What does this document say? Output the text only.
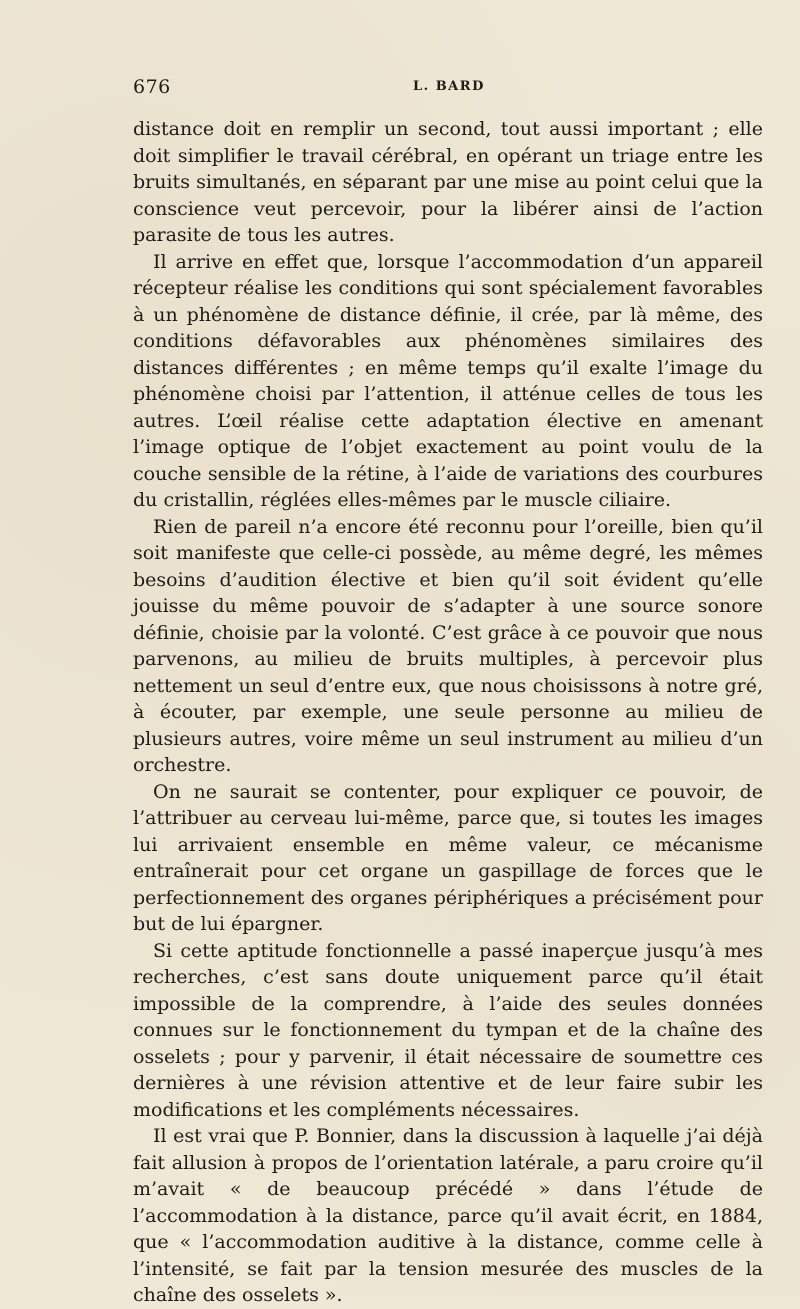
676	L. BARD

distance doit en remplir un second, tout aussi important ; elle doit simplifier le travail cérébral, en opérant un triage entre les bruits simultanés, en séparant par une mise au point celui que la conscience veut percevoir, pour la libérer ainsi de l’action parasite de tous les autres.

Il arrive en effet que, lorsque l’accommodation d’un appareil récepteur réalise les conditions qui sont spécialement favorables à un phénomène de distance définie, il crée, par là même, des conditions défavorables aux phénomènes similaires des distances différentes ; en même temps qu’il exalte l’image du phénomène choisi par l’attention, il atténue celles de tous les autres. L’œil réalise cette adaptation élective en amenant l’image optique de l’objet exactement au point voulu de la couche sensible de la rétine, à l’aide de variations des courbures du cristallin, réglées elles-mêmes par le muscle ciliaire.

Rien de pareil n’a encore été reconnu pour l’oreille, bien qu’il soit manifeste que celle-ci possède, au même degré, les mêmes besoins d’audition élective et bien qu’il soit évident qu’elle jouisse du même pouvoir de s’adapter à une source sonore définie, choisie par la volonté. C’est grâce à ce pouvoir que nous parvenons, au milieu de bruits multiples, à percevoir plus nettement un seul d’entre eux, que nous choisissons à notre gré, à écouter, par exemple, une seule personne au milieu de plusieurs autres, voire même un seul instrument au milieu d’un orchestre.

On ne saurait se contenter, pour expliquer ce pouvoir, de l’attribuer au cerveau lui-même, parce que, si toutes les images lui arrivaient ensemble en même valeur, ce mécanisme entraînerait pour cet organe un gaspillage de forces que le perfectionnement des organes périphériques a précisément pour but de lui épargner.

Si cette aptitude fonctionnelle a passé inaperçue jusqu’à mes recherches, c’est sans doute uniquement parce qu’il était impossible de la comprendre, à l’aide des seules données connues sur le fonctionnement du tympan et de la chaîne des osselets ; pour y parvenir, il était nécessaire de soumettre ces dernières à une révision attentive et de leur faire subir les modifications et les compléments nécessaires.

Il est vrai que P. Bonnier, dans la discussion à laquelle j’ai déjà fait allusion à propos de l’orientation latérale, a paru croire qu’il m’avait « de beaucoup précédé » dans l’étude de l’accommodation à la distance, parce qu’il avait écrit, en 1884, que « l’accommodation auditive à la distance, comme celle à l’intensité, se fait par la tension mesurée des muscles de la chaîne des osselets ».
